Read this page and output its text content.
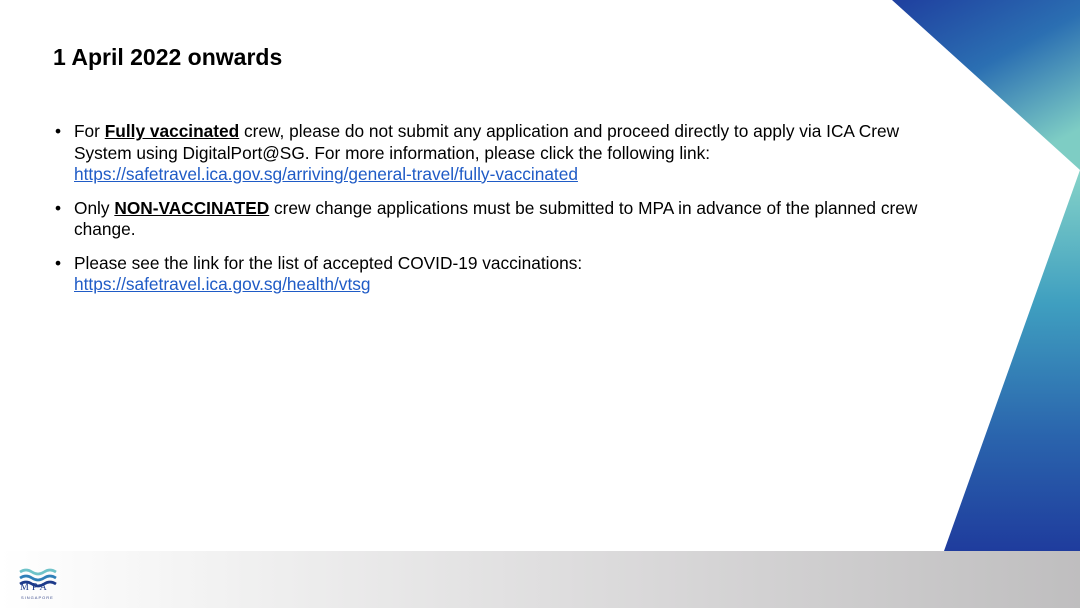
MPA
SINGAPORE
1 April 2022 onwards
• For Fully vaccinated crew, please do not submit any application and proceed directly to apply via ICA Crew System using DigitalPort@SG. For more information, please click the following link:
https://safetravel.ica.gov.sg/arriving/general-travel/fully-vaccinated
• Only NON-VACCINATED crew change applications must be submitted to MPA in advance of the planned crew change.
• Please see the link for the list of accepted COVID-19 vaccinations:
https://safetravel.ica.gov.sg/health/vtsg
